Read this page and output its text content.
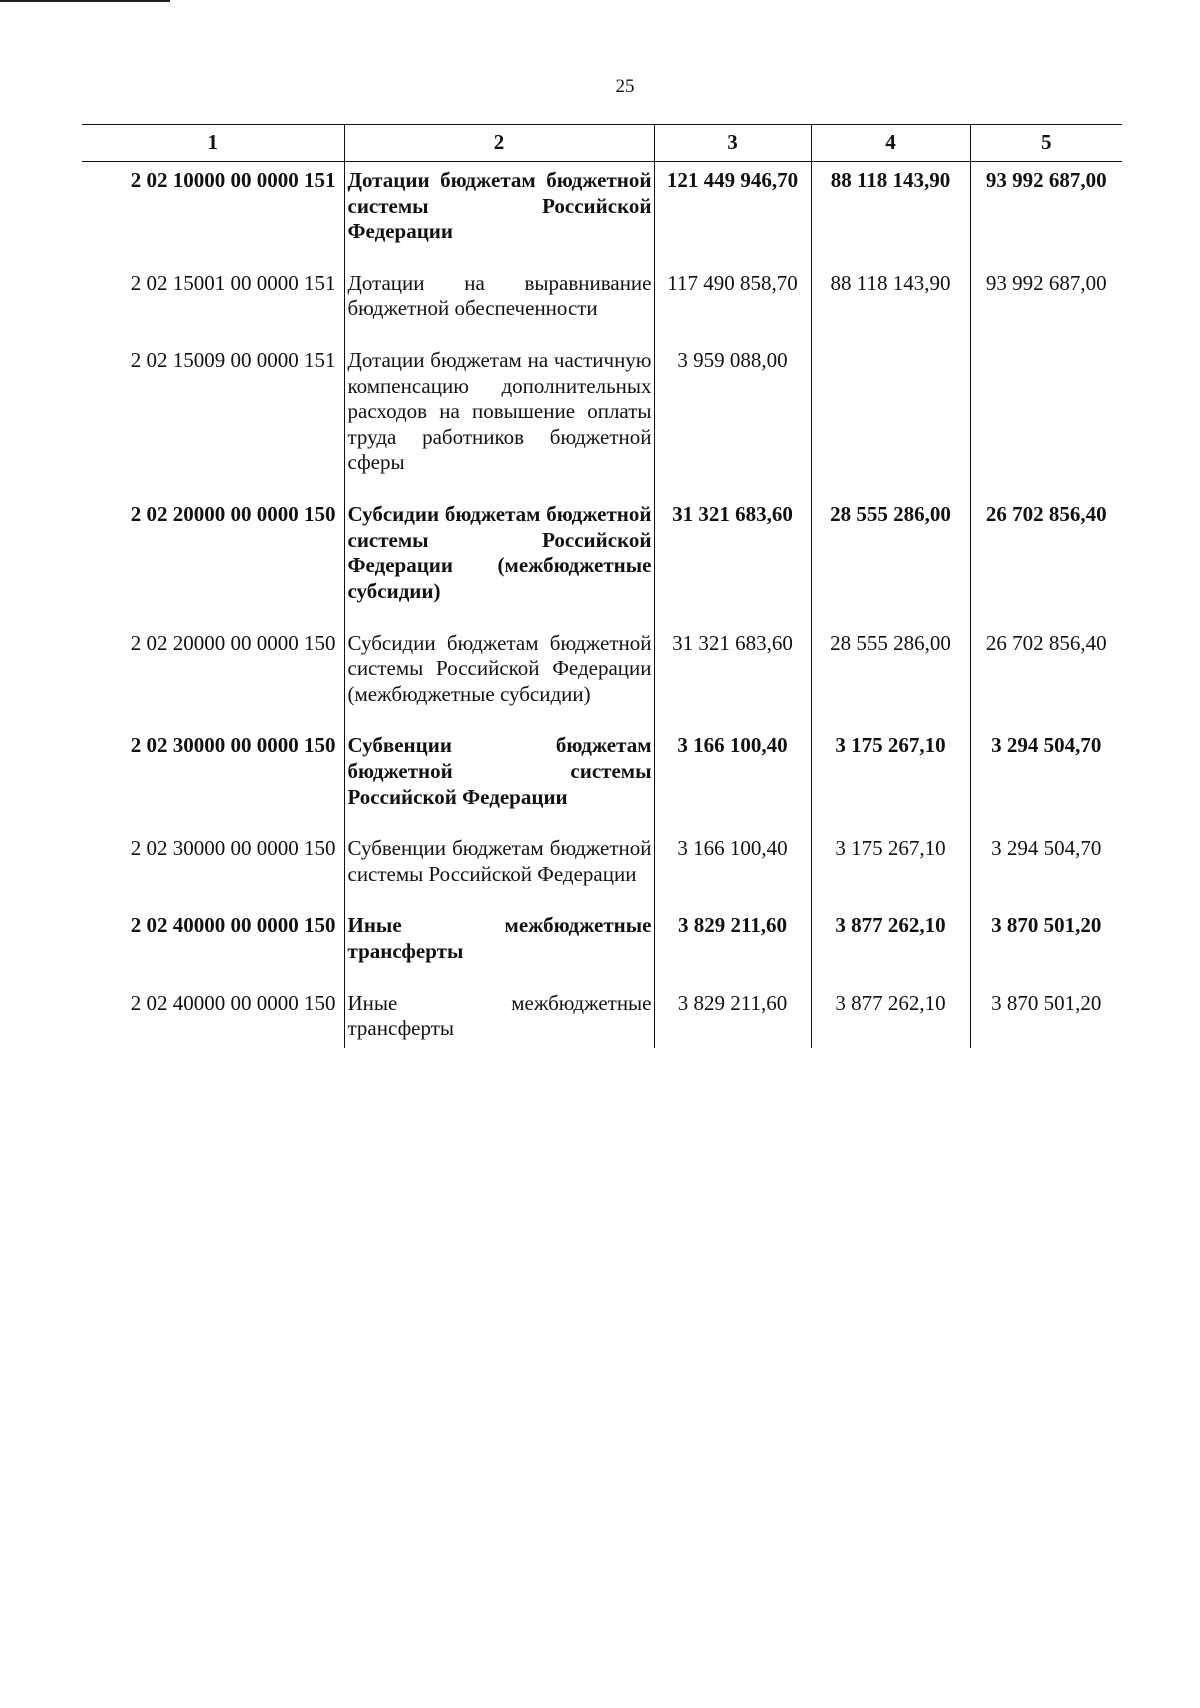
25
1	2	3	4	5
2 02 10000 00 0000 151	Дотации бюджетам бюджетной системы Российской Федерации	121 449 946,70	88 118 143,90	93 992 687,00
2 02 15001 00 0000 151	Дотации на выравнивание бюджетной обеспеченности	117 490 858,70	88 118 143,90	93 992 687,00
2 02 15009 00 0000 151	Дотации бюджетам на частичную компенсацию дополнительных расходов на повышение оплаты труда работников бюджетной сферы	3 959 088,00		
2 02 20000 00 0000 150	Субсидии бюджетам бюджетной системы Российской Федерации (межбюджетные субсидии)	31 321 683,60	28 555 286,00	26 702 856,40
2 02 20000 00 0000 150	Субсидии бюджетам бюджетной системы Российской Федерации (межбюджетные субсидии)	31 321 683,60	28 555 286,00	26 702 856,40
2 02 30000 00 0000 150	Субвенции бюджетам бюджетной системы Российской Федерации	3 166 100,40	3 175 267,10	3 294 504,70
2 02 30000 00 0000 150	Субвенции бюджетам бюджетной системы Российской Федерации	3 166 100,40	3 175 267,10	3 294 504,70
2 02 40000 00 0000 150	Иные межбюджетные трансферты	3 829 211,60	3 877 262,10	3 870 501,20
2 02 40000 00 0000 150	Иные межбюджетные трансферты	3 829 211,60	3 877 262,10	3 870 501,20
